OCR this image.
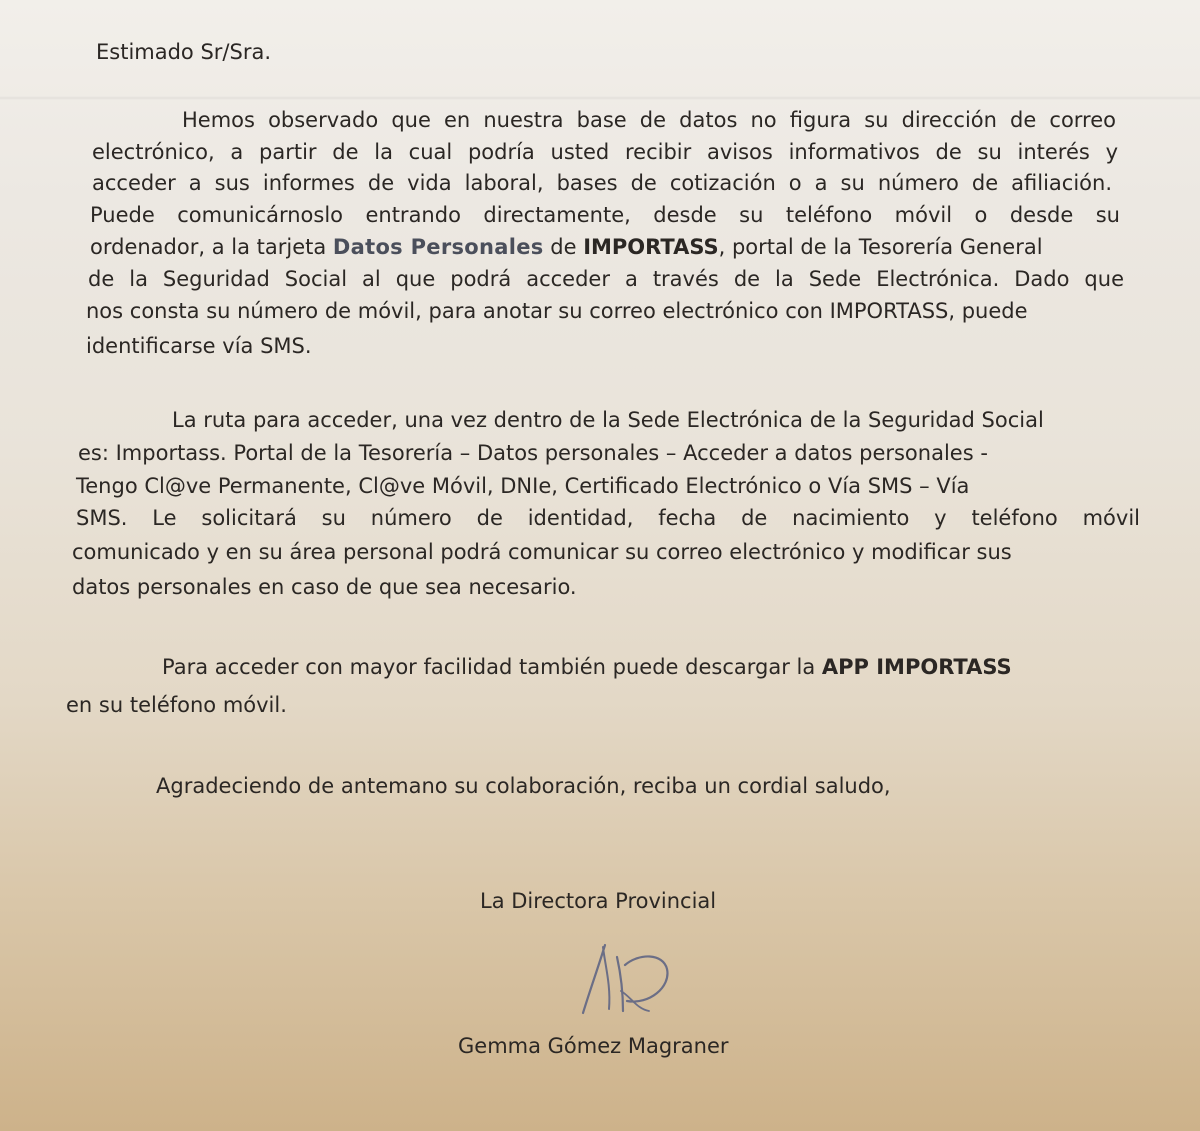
Estimado Sr/Sra.

Hemos observado que en nuestra base de datos no figura su dirección de correo

electrónico, a partir de la cual podría usted recibir avisos informativos de su interés y

acceder a sus informes de vida laboral, bases de cotización o a su número de afiliación.

Puede comunicárnoslo entrando directamente, desde su teléfono móvil o desde su

ordenador, a la tarjeta Datos Personales de IMPORTASS, portal de la Tesorería General

de la Seguridad Social al que podrá acceder a través de la Sede Electrónica. Dado que

nos consta su número de móvil, para anotar su correo electrónico con IMPORTASS, puede

identificarse vía SMS.

La ruta para acceder, una vez dentro de la Sede Electrónica de la Seguridad Social

es: Importass. Portal de la Tesorería – Datos personales – Acceder a datos personales -

Tengo Cl@ve Permanente, Cl@ve Móvil, DNIe, Certificado Electrónico o Vía SMS – Vía

SMS. Le solicitará su número de identidad, fecha de nacimiento y teléfono móvil

comunicado y en su área personal podrá comunicar su correo electrónico y modificar sus

datos personales en caso de que sea necesario.

Para acceder con mayor facilidad también puede descargar la APP IMPORTASS

en su teléfono móvil.

Agradeciendo de antemano su colaboración, reciba un cordial saludo,

La Directora Provincial

Gemma Gómez Magraner
